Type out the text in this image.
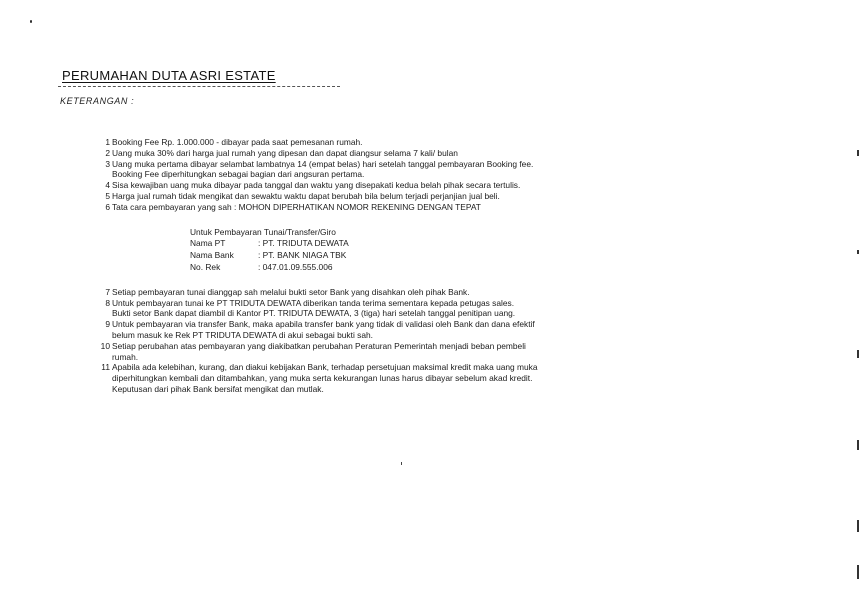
PERUMAHAN DUTA ASRI ESTATE
KETERANGAN :
1 Booking Fee Rp. 1.000.000 - dibayar pada saat pemesanan rumah.
2 Uang muka 30% dari harga jual rumah yang dipesan dan dapat diangsur selama 7 kali/ bulan
3 Uang muka pertama dibayar selambat lambatnya 14 (empat belas) hari setelah tanggal pembayaran Booking fee.
Booking Fee diperhitungkan sebagai bagian dari angsuran pertama.
4 Sisa kewajiban uang muka dibayar pada tanggal dan waktu yang disepakati kedua belah pihak secara tertulis.
5 Harga jual rumah tidak mengikat dan sewaktu waktu dapat berubah bila belum terjadi perjanjian jual beli.
6 Tata cara pembayaran yang sah : MOHON DIPERHATIKAN NOMOR REKENING DENGAN TEPAT
Untuk Pembayaran Tunai/Transfer/Giro
Nama PT	: PT. TRIDUTA DEWATA
Nama Bank	: PT. BANK NIAGA TBK
No. Rek	: 047.01.09.555.006
7 Setiap pembayaran tunai dianggap sah melalui bukti setor Bank yang disahkan oleh pihak Bank.
8 Untuk pembayaran tunai ke PT TRIDUTA DEWATA diberikan tanda terima sementara kepada petugas sales.
Bukti setor Bank dapat diambil di Kantor PT. TRIDUTA DEWATA, 3 (tiga) hari setelah tanggal penitipan uang.
9 Untuk pembayaran via transfer Bank, maka apabila transfer bank yang tidak di validasi oleh Bank dan dana efektif
belum masuk ke Rek PT TRIDUTA DEWATA di akui sebagai bukti sah.
10 Setiap perubahan atas pembayaran yang diakibatkan perubahan Peraturan Pemerintah menjadi beban pembeli
rumah.
11 Apabila ada kelebihan, kurang, dan diakui kebijakan Bank, terhadap persetujuan maksimal kredit maka uang muka
diperhitungkan kembali dan ditambahkan, yang muka serta kekurangan lunas harus dibayar sebelum akad kredit.
Keputusan dari pihak Bank bersifat mengikat dan mutlak.
